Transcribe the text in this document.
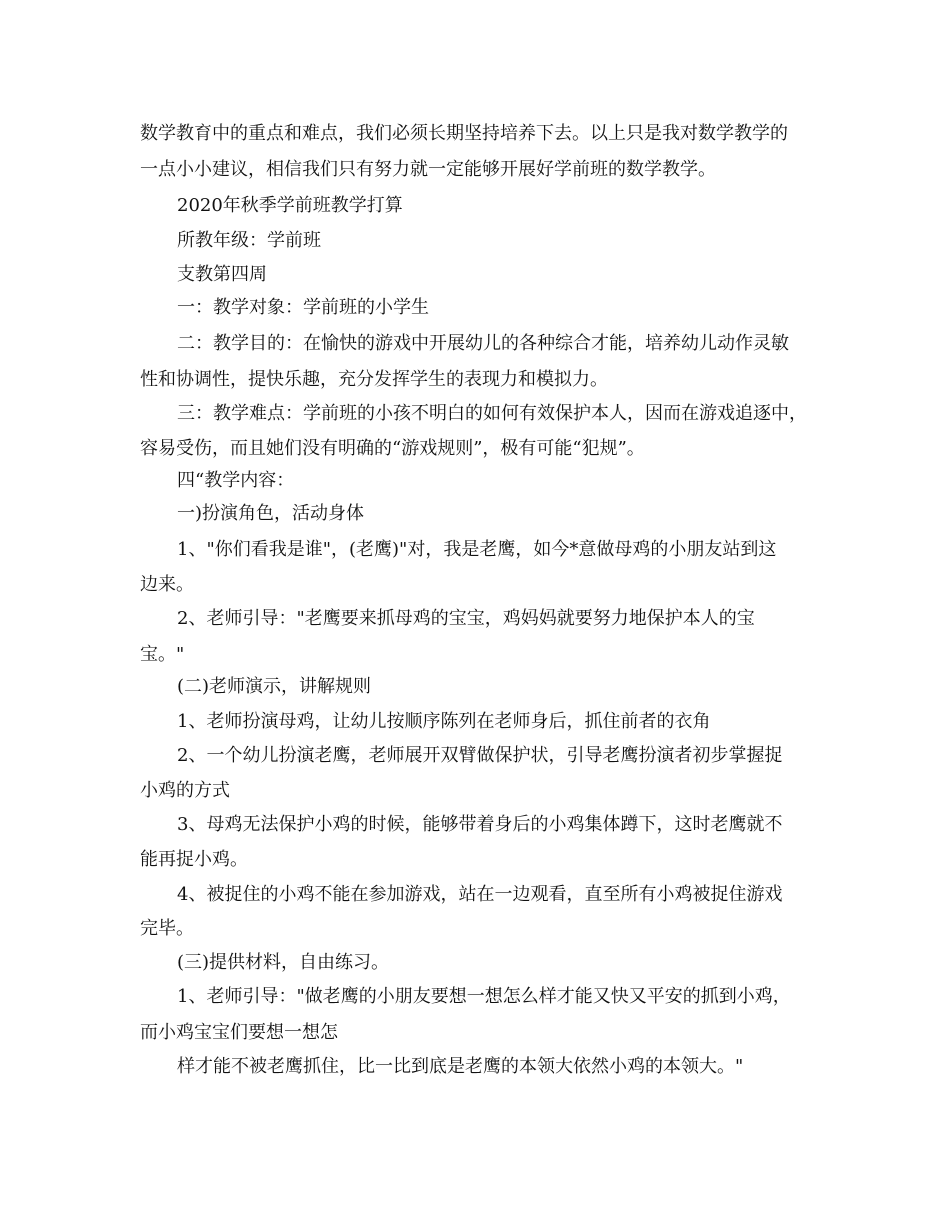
数学教育中的重点和难点，我们必须长期坚持培养下去。以上只是我对数学教学的
一点小小建议，相信我们只有努力就一定能够开展好学前班的数学教学。
2020年秋季学前班教学打算
所教年级：学前班
支教第四周
一：教学对象：学前班的小学生
二：教学目的：在愉快的游戏中开展幼儿的各种综合才能，培养幼儿动作灵敏
性和协调性，提快乐趣，充分发挥学生的表现力和模拟力。
三：教学难点：学前班的小孩不明白的如何有效保护本人，因而在游戏追逐中，
容易受伤，而且她们没有明确的“游戏规则”，极有可能“犯规”。
四“教学内容：
一)扮演角色，活动身体
1、"你们看我是谁"，(老鹰)"对，我是老鹰，如今*意做母鸡的小朋友站到这
边来。
2、老师引导："老鹰要来抓母鸡的宝宝，鸡妈妈就要努力地保护本人的宝
宝。"
(二)老师演示，讲解规则
1、老师扮演母鸡，让幼儿按顺序陈列在老师身后，抓住前者的衣角
2、一个幼儿扮演老鹰，老师展开双臂做保护状，引导老鹰扮演者初步掌握捉
小鸡的方式
3、母鸡无法保护小鸡的时候，能够带着身后的小鸡集体蹲下，这时老鹰就不
能再捉小鸡。
4、被捉住的小鸡不能在参加游戏，站在一边观看，直至所有小鸡被捉住游戏
完毕。
(三)提供材料，自由练习。
1、老师引导："做老鹰的小朋友要想一想怎么样才能又快又平安的抓到小鸡，
而小鸡宝宝们要想一想怎
样才能不被老鹰抓住，比一比到底是老鹰的本领大依然小鸡的本领大。"
